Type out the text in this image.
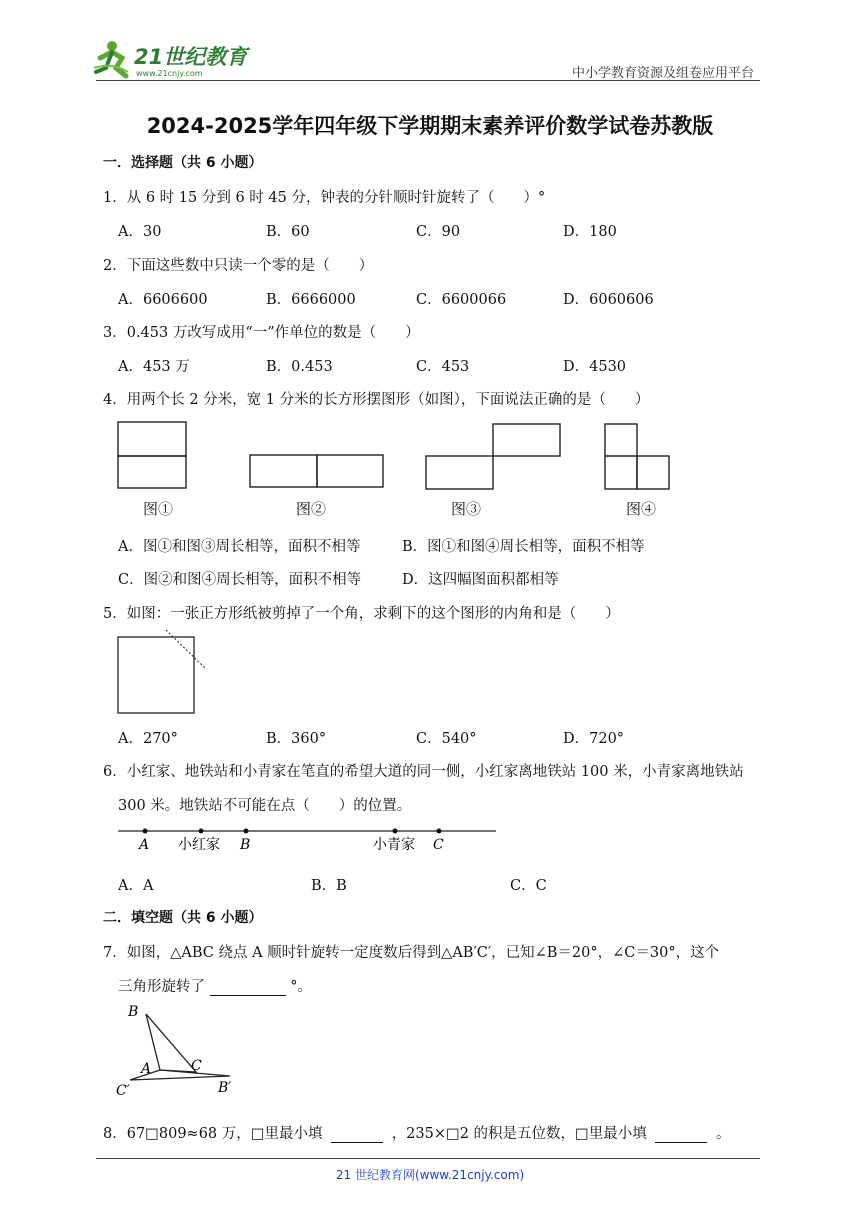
21世纪教育
www.21cnjy.com	中小学教育资源及组卷应用平台
2024-2025学年四年级下学期期末素养评价数学试卷苏教版
一．选择题（共 6 小题）
1．从 6 时 15 分到 6 时 45 分，钟表的分针顺时针旋转了（　　）°
A．30	B．60	C．90	D．180
2．下面这些数中只读一个零的是（　　）
A．6606600	B．6666000	C．6600066	D．6060606
3．0.453 万改写成用“一”作单位的数是（　　）
A．453 万	B．0.453	C．453	D．4530
4．用两个长 2 分米，宽 1 分米的长方形摆图形（如图），下面说法正确的是（　　）
图①	图②	图③	图④
A．图①和图③周长相等，面积不相等	B．图①和图④周长相等，面积不相等
C．图②和图④周长相等，面积不相等	D．这四幅图面积都相等
5．如图：一张正方形纸被剪掉了一个角，求剩下的这个图形的内角和是（　　）
A．270°	B．360°	C．540°	D．720°
6．小红家、地铁站和小青家在笔直的希望大道的同一侧，小红家离地铁站 100 米，小青家离地铁站
300 米。地铁站不可能在点（　　）的位置。
A 小红家 B	小青家 C
A．A	B．B	C．C
二．填空题（共 6 小题）
7．如图，△ABC 绕点 A 顺时针旋转一定度数后得到△AB′C′，已知∠B＝20°，∠C＝30°，这个
三角形旋转了	°。
B
A	C
B′
C′
8．67□809≈68 万，□里最小填	，235×□2 的积是五位数，□里最小填	。
21 世纪教育网(www.21cnjy.com)
